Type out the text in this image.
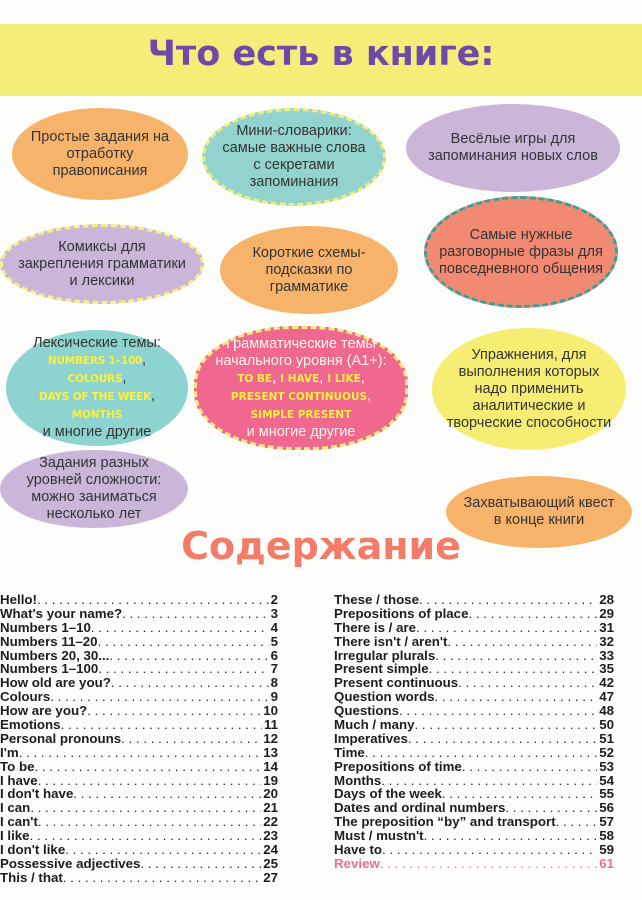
Что есть в книге:
Простые задания на отработку правописания
Мини-словарики: самые важные слова с секретами запоминания
Весёлые игры для запоминания новых слов
Комиксы для закрепления грамматики и лексики
Короткие схемы-подсказки по грамматике
Самые нужные разговорные фразы для повседневного общения
Лексические темы:
NUMBERS 1–100, COLOURS,
DAYS OF THE WEEK, MONTHS
и многие другие
Грамматические темы начального уровня (A1+):
TO BE, I HAVE, I LIKE, PRESENT CONTINUOUS, SIMPLE PRESENT
и многие другие
Упражнения, для выполнения которых надо применить аналитические и творческие способности
Задания разных уровней сложности: можно заниматься несколько лет
Захватывающий квест в конце книги
Содержание
Hello! . . .	2
What's your name? . . .	3
Numbers 1–10 . . .	4
Numbers 11–20 . . .	5
Numbers 20, 30... . . .	6
Numbers 1–100 . . .	7
How old are you? . . .	8
Colours . . .	9
How are you? . . .	10
Emotions . . .	11
Personal pronouns . . .	12
I'm . . .	13
To be . . .	14
I have . . .	19
I don't have . . .	20
I can . . .	21
I can't . . .	22
I like . . .	23
I don't like . . .	24
Possessive adjectives . . .	25
This / that . . .	27
These / those . . .	28
Prepositions of place . . .	29
There is / are . . .	31
There isn't / aren't . . .	32
Irregular plurals . . .	33
Present simple . . .	35
Present continuous . . .	42
Question words . . .	47
Questions . . .	48
Much / many . . .	50
Imperatives . . .	51
Time . . .	52
Prepositions of time . . .	53
Months . . .	54
Days of the week . . .	55
Dates and ordinal numbers . . .	56
The preposition “by” and transport . . .	57
Must / mustn't . . .	58
Have to . . .	59
Review . . .	61
